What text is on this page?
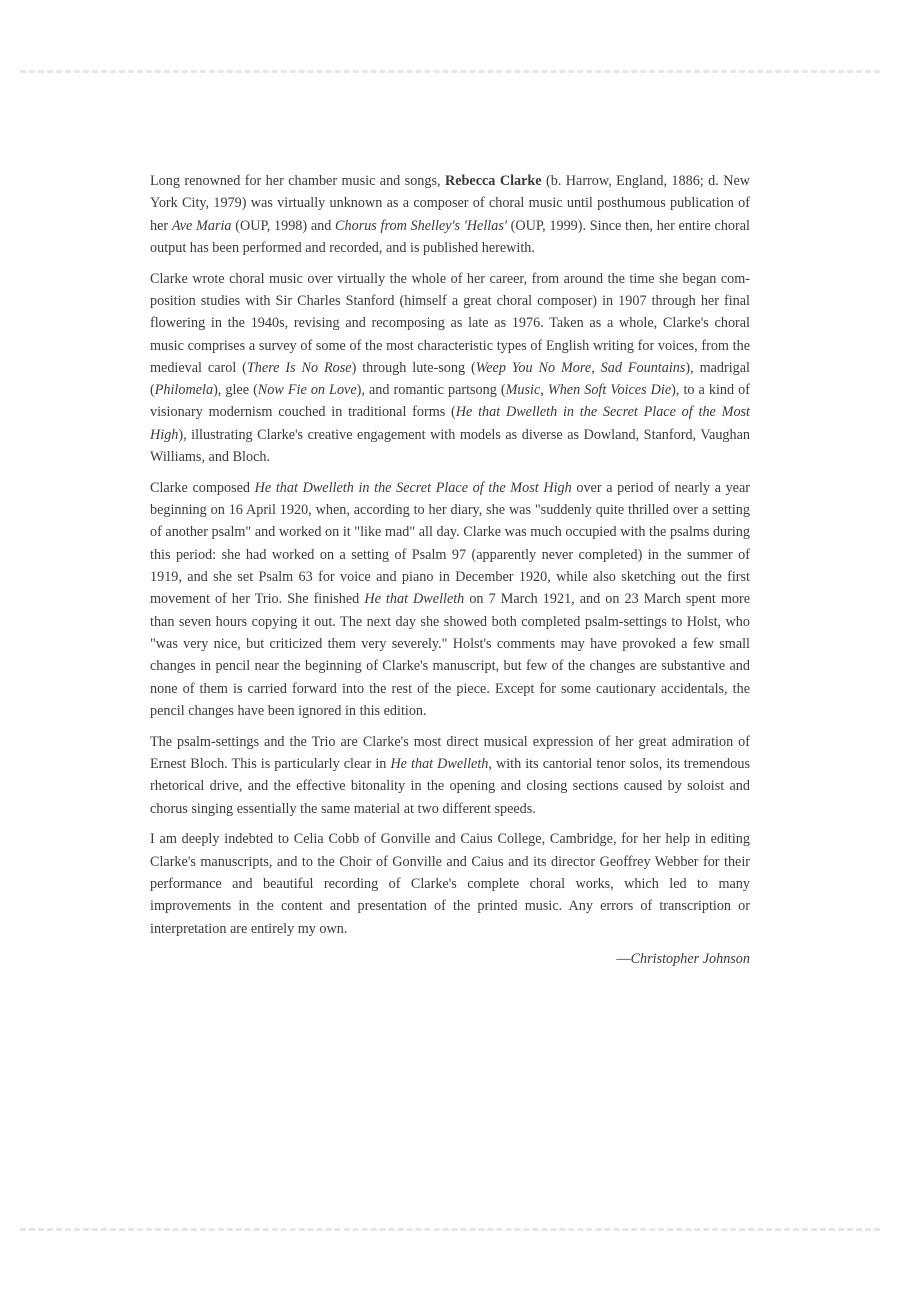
Long renowned for her chamber music and songs, Rebecca Clarke (b. Harrow, England, 1886; d. New York City, 1979) was virtually unknown as a composer of choral music until posthumous publication of her Ave Maria (OUP, 1998) and Chorus from Shelley's 'Hellas' (OUP, 1999). Since then, her entire choral output has been performed and recorded, and is published herewith.

Clarke wrote choral music over virtually the whole of her career, from around the time she began composition studies with Sir Charles Stanford (himself a great choral composer) in 1907 through her final flowering in the 1940s, revising and recomposing as late as 1976. Taken as a whole, Clarke's choral music comprises a survey of some of the most characteristic types of English writing for voices, from the medieval carol (There Is No Rose) through lute-song (Weep You No More, Sad Fountains), madrigal (Philomela), glee (Now Fie on Love), and romantic partsong (Music, When Soft Voices Die), to a kind of visionary modernism couched in traditional forms (He that Dwelleth in the Secret Place of the Most High), illustrating Clarke's creative engagement with models as diverse as Dowland, Stanford, Vaughan Williams, and Bloch.

Clarke composed He that Dwelleth in the Secret Place of the Most High over a period of nearly a year beginning on 16 April 1920, when, according to her diary, she was "suddenly quite thrilled over a setting of another psalm" and worked on it "like mad" all day. Clarke was much occupied with the psalms during this period: she had worked on a setting of Psalm 97 (apparently never completed) in the summer of 1919, and she set Psalm 63 for voice and piano in December 1920, while also sketching out the first movement of her Trio. She finished He that Dwelleth on 7 March 1921, and on 23 March spent more than seven hours copying it out. The next day she showed both completed psalm-settings to Holst, who "was very nice, but criticized them very severely." Holst's comments may have provoked a few small changes in pencil near the beginning of Clarke's manuscript, but few of the changes are substantive and none of them is carried forward into the rest of the piece. Except for some cautionary accidentals, the pencil changes have been ignored in this edition.

The psalm-settings and the Trio are Clarke's most direct musical expression of her great admiration of Ernest Bloch. This is particularly clear in He that Dwelleth, with its cantorial tenor solos, its tremendous rhetorical drive, and the effective bitonality in the opening and closing sections caused by soloist and chorus singing essentially the same material at two different speeds.

I am deeply indebted to Celia Cobb of Gonville and Caius College, Cambridge, for her help in editing Clarke's manuscripts, and to the Choir of Gonville and Caius and its director Geoffrey Webber for their performance and beautiful recording of Clarke's complete choral works, which led to many improvements in the content and presentation of the printed music. Any errors of transcription or interpretation are entirely my own.

—Christopher Johnson
